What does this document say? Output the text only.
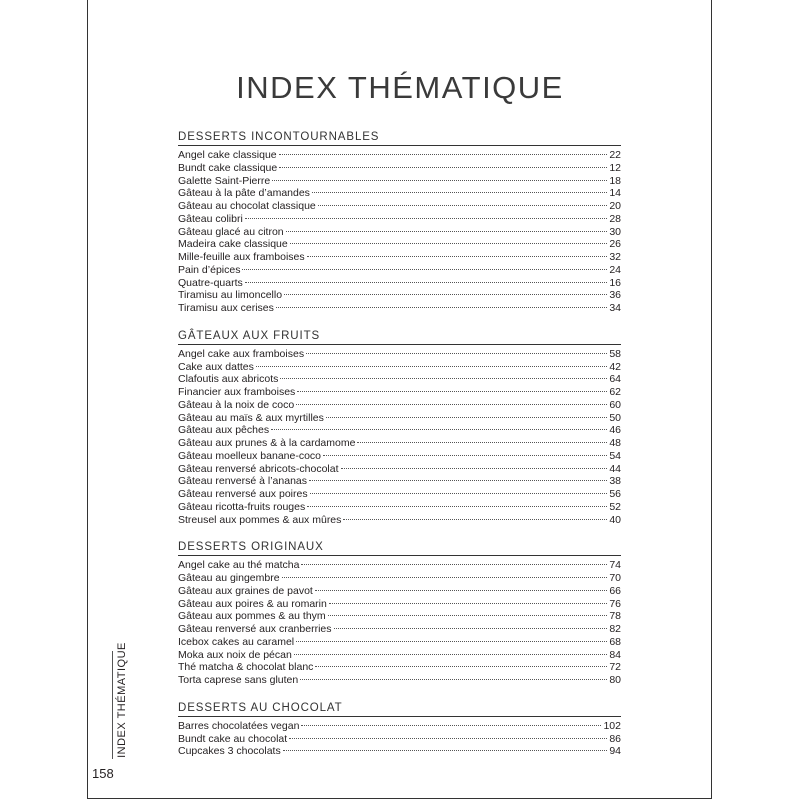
INDEX THÉMATIQUE
DESSERTS INCONTOURNABLES
Angel cake classique	22
Bundt cake classique	12
Galette Saint-Pierre	18
Gâteau à la pâte d’amandes	14
Gâteau au chocolat classique	20
Gâteau colibri	28
Gâteau glacé au citron	30
Madeira cake classique	26
Mille-feuille aux framboises	32
Pain d’épices	24
Quatre-quarts	16
Tiramisu au limoncello	36
Tiramisu aux cerises	34
GÂTEAUX AUX FRUITS
Angel cake aux framboises	58
Cake aux dattes	42
Clafoutis aux abricots	64
Financier aux framboises	62
Gâteau à la noix de coco	60
Gâteau au maïs & aux myrtilles	50
Gâteau aux pêches	46
Gâteau aux prunes & à la cardamome	48
Gâteau moelleux banane-coco	54
Gâteau renversé abricots-chocolat	44
Gâteau renversé à l’ananas	38
Gâteau renversé aux poires	56
Gâteau ricotta-fruits rouges	52
Streusel aux pommes & aux mûres	40
DESSERTS ORIGINAUX
Angel cake au thé matcha	74
Gâteau au gingembre	70
Gâteau aux graines de pavot	66
Gâteau aux poires & au romarin	76
Gâteau aux pommes & au thym	78
Gâteau renversé aux cranberries	82
Icebox cakes au caramel	68
Moka aux noix de pécan	84
Thé matcha & chocolat blanc	72
Torta caprese sans gluten	80
DESSERTS AU CHOCOLAT
Barres chocolatées vegan	102
Bundt cake au chocolat	86
Cupcakes 3 chocolats	94
INDEX THÉMATIQUE
158
